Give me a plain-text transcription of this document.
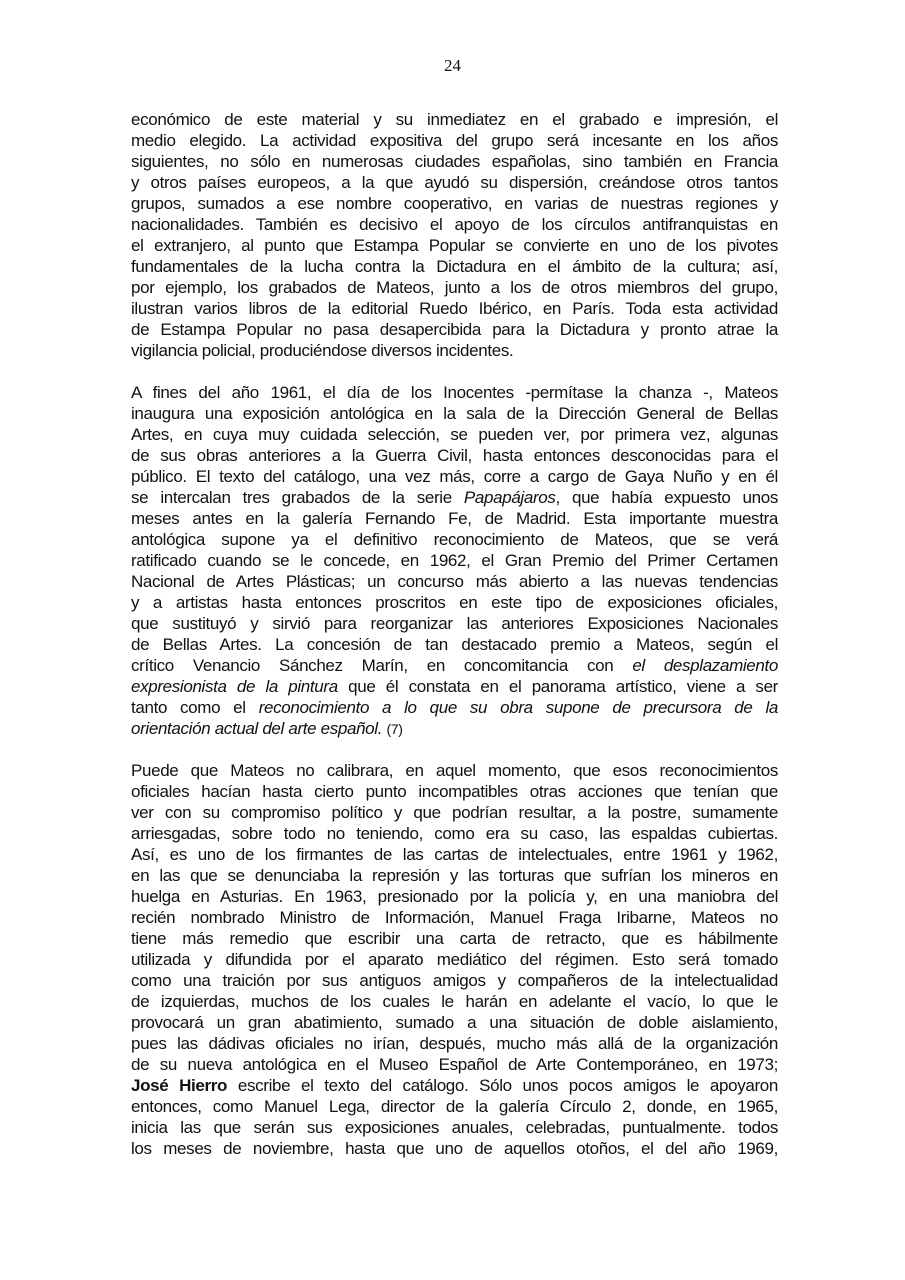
24
económico de este material y su inmediatez en el grabado e impresión, el
medio elegido. La actividad expositiva del grupo será incesante en los años
siguientes, no sólo en numerosas ciudades españolas, sino también en Francia
y otros países europeos, a la que ayudó su dispersión, creándose otros tantos
grupos, sumados a ese nombre cooperativo, en varias de nuestras regiones y
nacionalidades. También es decisivo el apoyo de los círculos antifranquistas en
el extranjero, al punto que Estampa Popular se convierte en uno de los pivotes
fundamentales de la lucha contra la Dictadura en el ámbito de la cultura; así,
por ejemplo, los grabados de Mateos, junto a los de otros miembros del grupo,
ilustran varios libros de la editorial Ruedo Ibérico, en París. Toda esta actividad
de Estampa Popular no pasa desapercibida para la Dictadura y pronto atrae la
vigilancia policial, produciéndose diversos incidentes.
A fines del año 1961, el día de los Inocentes -permítase la chanza -, Mateos
inaugura una exposición antológica en la sala de la Dirección General de Bellas
Artes, en cuya muy cuidada selección, se pueden ver, por primera vez, algunas
de sus obras anteriores a la Guerra Civil, hasta entonces desconocidas para el
público. El texto del catálogo, una vez más, corre a cargo de Gaya Nuño y en él
se intercalan tres grabados de la serie Papapájaros, que había expuesto unos
meses antes en la galería Fernando Fe, de Madrid. Esta importante muestra
antológica supone ya el definitivo reconocimiento de Mateos, que se verá
ratificado cuando se le concede, en 1962, el Gran Premio del Primer Certamen
Nacional de Artes Plásticas; un concurso más abierto a las nuevas tendencias
y a artistas hasta entonces proscritos en este tipo de exposiciones oficiales,
que sustituyó y sirvió para reorganizar las anteriores Exposiciones Nacionales
de Bellas Artes. La concesión de tan destacado premio a Mateos, según el
crítico Venancio Sánchez Marín, en concomitancia con el desplazamiento
expresionista de la pintura que él constata en el panorama artístico, viene a ser
tanto como el reconocimiento a lo que su obra supone de precursora de la
orientación actual del arte español. (7)
Puede que Mateos no calibrara, en aquel momento, que esos reconocimientos
oficiales hacían hasta cierto punto incompatibles otras acciones que tenían que
ver con su compromiso político y que podrían resultar, a la postre, sumamente
arriesgadas, sobre todo no teniendo, como era su caso, las espaldas cubiertas.
Así, es uno de los firmantes de las cartas de intelectuales, entre 1961 y 1962,
en las que se denunciaba la represión y las torturas que sufrían los mineros en
huelga en Asturias. En 1963, presionado por la policía y, en una maniobra del
recién nombrado Ministro de Información, Manuel Fraga Iribarne, Mateos no
tiene más remedio que escribir una carta de retracto, que es hábilmente
utilizada y difundida por el aparato mediático del régimen. Esto será tomado
como una traición por sus antiguos amigos y compañeros de la intelectualidad
de izquierdas, muchos de los cuales le harán en adelante el vacío, lo que le
provocará un gran abatimiento, sumado a una situación de doble aislamiento,
pues las dádivas oficiales no irían, después, mucho más allá de la organización
de su nueva antológica en el Museo Español de Arte Contemporáneo, en 1973;
José Hierro escribe el texto del catálogo. Sólo unos pocos amigos le apoyaron
entonces, como Manuel Lega, director de la galería Círculo 2, donde, en 1965,
inicia las que serán sus exposiciones anuales, celebradas, puntualmente. todos
los meses de noviembre, hasta que uno de aquellos otoños, el del año 1969,
